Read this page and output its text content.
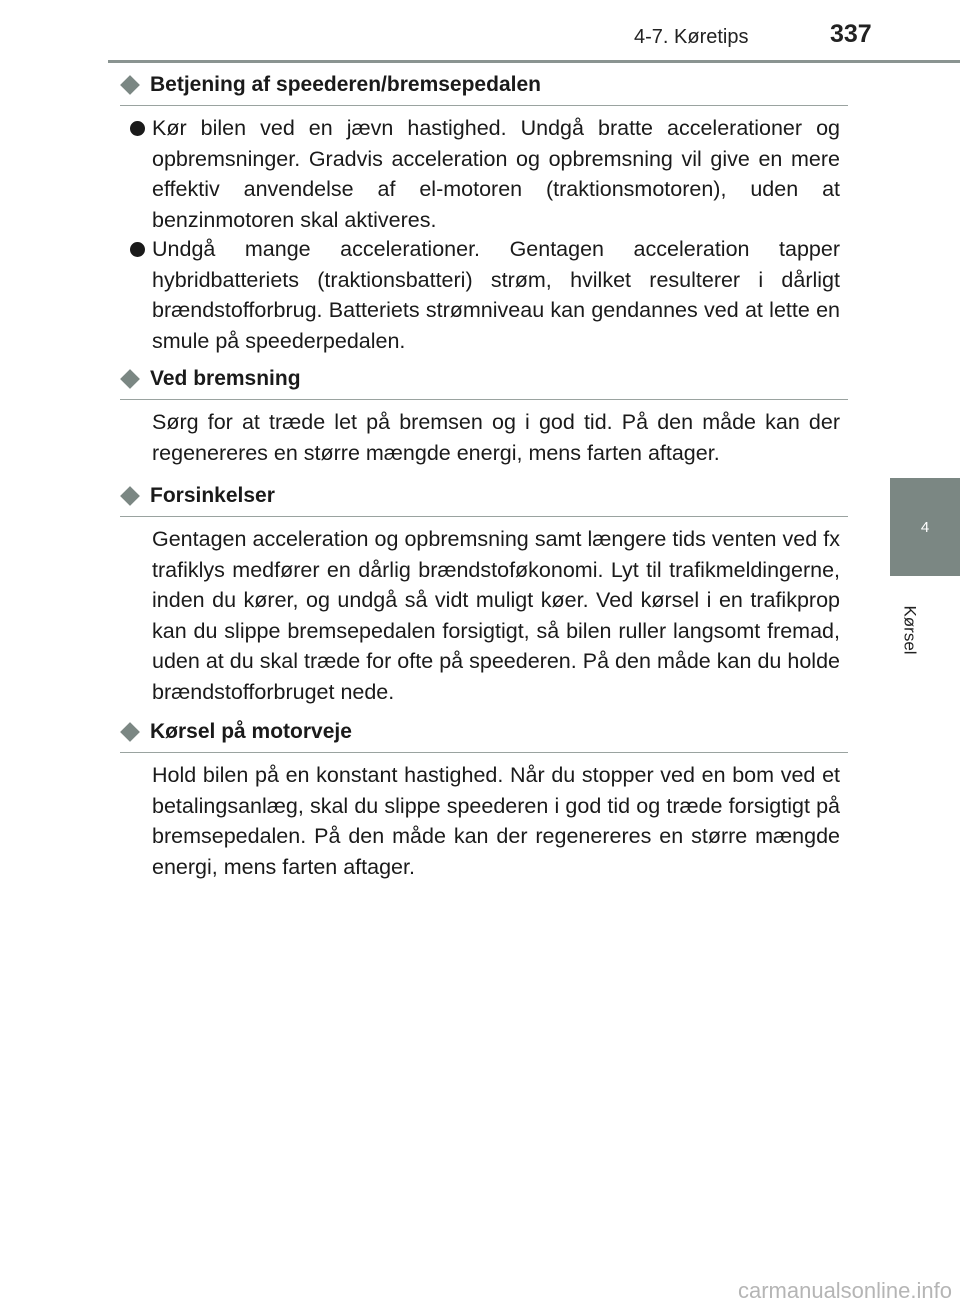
4-7. Køretips	337
4
Kørsel
Betjening af speederen/bremsepedalen
Kør bilen ved en jævn hastighed. Undgå bratte accelerationer og opbremsninger. Gradvis acceleration og opbremsning vil give en mere effektiv anvendelse af el-motoren (traktionsmotoren), uden at benzinmotoren skal aktiveres.
Undgå mange accelerationer. Gentagen acceleration tapper hybridbatteriets (traktionsbatteri) strøm, hvilket resulterer i dårligt brændstofforbrug. Batteriets strømniveau kan gendannes ved at lette en smule på speederpedalen.
Ved bremsning
Sørg for at træde let på bremsen og i god tid. På den måde kan der regenereres en større mængde energi, mens farten aftager.
Forsinkelser
Gentagen acceleration og opbremsning samt længere tids venten ved fx trafiklys medfører en dårlig brændstoføkonomi. Lyt til trafikmeldingerne, inden du kører, og undgå så vidt muligt køer. Ved kørsel i en trafikprop kan du slippe bremsepedalen forsigtigt, så bilen ruller langsomt fremad, uden at du skal træde for ofte på speederen. På den måde kan du holde brændstofforbruget nede.
Kørsel på motorveje
Hold bilen på en konstant hastighed. Når du stopper ved en bom ved et betalingsanlæg, skal du slippe speederen i god tid og træde forsigtigt på bremsepedalen. På den måde kan der regenereres en større mængde energi, mens farten aftager.
carmanualsonline.info
